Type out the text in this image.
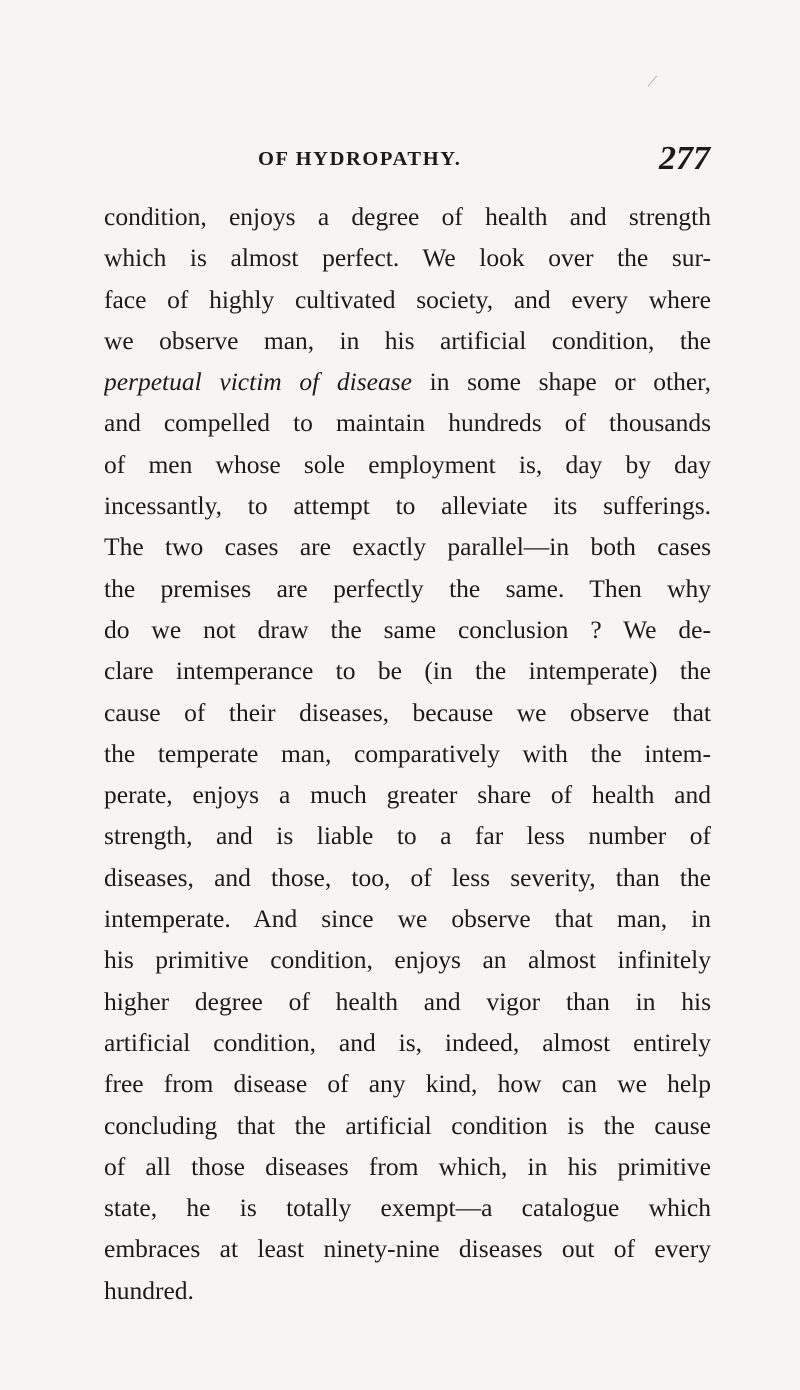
OF HYDROPATHY.	277
condition, enjoys a degree of health and strength
which is almost perfect. We look over the sur-
face of highly cultivated society, and every where
we observe man, in his artificial condition, the
perpetual victim of disease in some shape or other,
and compelled to maintain hundreds of thousands
of men whose sole employment is, day by day
incessantly, to attempt to alleviate its sufferings.
The two cases are exactly parallel—in both cases
the premises are perfectly the same. Then why
do we not draw the same conclusion ? We de-
clare intemperance to be (in the intemperate) the
cause of their diseases, because we observe that
the temperate man, comparatively with the intem-
perate, enjoys a much greater share of health and
strength, and is liable to a far less number of
diseases, and those, too, of less severity, than the
intemperate. And since we observe that man, in
his primitive condition, enjoys an almost infinitely
higher degree of health and vigor than in his
artificial condition, and is, indeed, almost entirely
free from disease of any kind, how can we help
concluding that the artificial condition is the cause
of all those diseases from which, in his primitive
state, he is totally exempt—a catalogue which
embraces at least ninety-nine diseases out of every
hundred.
